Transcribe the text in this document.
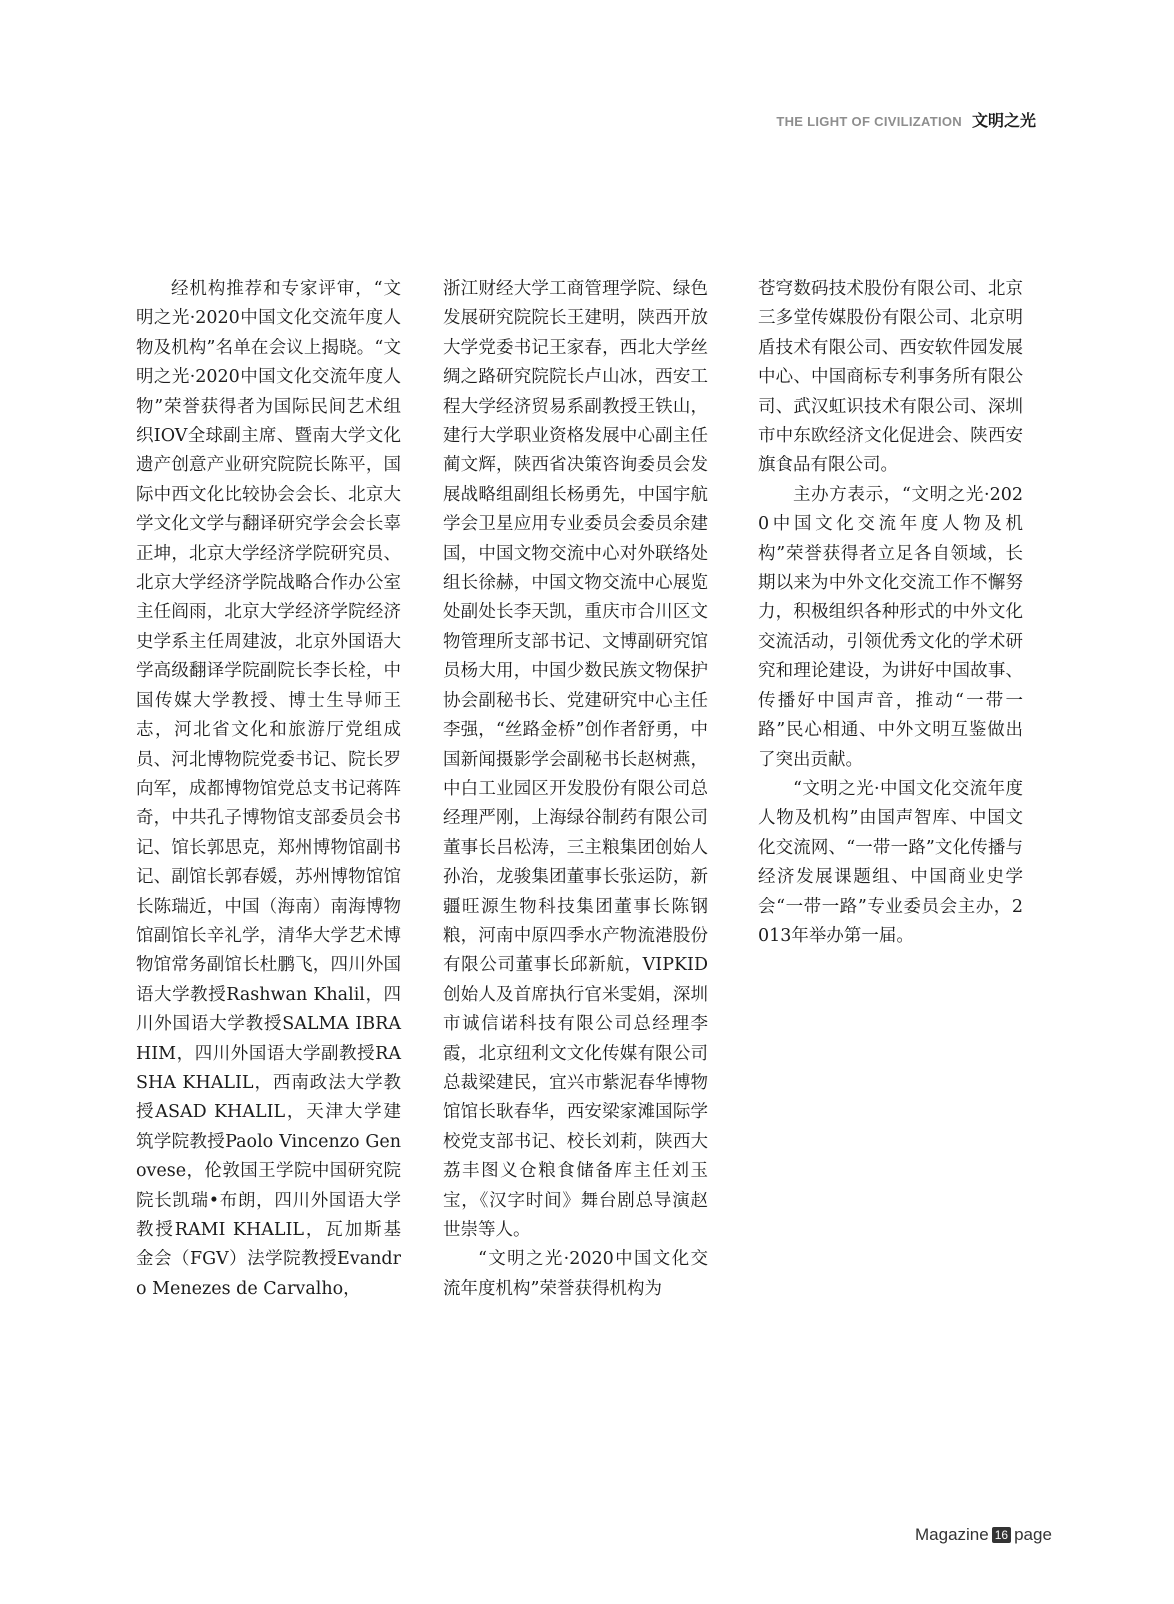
THE LIGHT OF CIVILIZATION 文明之光

经机构推荐和专家评审，“文明之光·2020中国文化交流年度人物及机构”名单在会议上揭晓。“文明之光·2020中国文化交流年度人物”荣誉获得者为国际民间艺术组织IOV全球副主席、暨南大学文化遗产创意产业研究院院长陈平，国际中西文化比较协会会长、北京大学文化文学与翻译研究学会会长辜正坤，北京大学经济学院研究员、北京大学经济学院战略合作办公室主任阎雨，北京大学经济学院经济史学系主任周建波，北京外国语大学高级翻译学院副院长李长栓，中国传媒大学教授、博士生导师王志，河北省文化和旅游厅党组成员、河北博物院党委书记、院长罗向军，成都博物馆党总支书记蒋阵奇，中共孔子博物馆支部委员会书记、馆长郭思克，郑州博物馆副书记、副馆长郭春媛，苏州博物馆馆长陈瑞近，中国（海南）南海博物馆副馆长辛礼学，清华大学艺术博物馆常务副馆长杜鹏飞，四川外国语大学教授Rashwan Khalil，四川外国语大学教授SALMA IBRAHIM，四川外国语大学副教授RASHA KHALIL，西南政法大学教授ASAD KHALIL，天津大学建筑学院教授Paolo Vincenzo Genovese，伦敦国王学院中国研究院院长凯瑞•布朗，四川外国语大学教授RAMI KHALIL，瓦加斯基金会（FGV）法学院教授Evandro Menezes de Carvalho，

浙江财经大学工商管理学院、绿色发展研究院院长王建明，陕西开放大学党委书记王家春，西北大学丝绸之路研究院院长卢山冰，西安工程大学经济贸易系副教授王铁山，建行大学职业资格发展中心副主任蔺文辉，陕西省决策咨询委员会发展战略组副组长杨勇先，中国宇航学会卫星应用专业委员会委员余建国，中国文物交流中心对外联络处组长徐赫，中国文物交流中心展览处副处长李天凯，重庆市合川区文物管理所支部书记、文博副研究馆员杨大用，中国少数民族文物保护协会副秘书长、党建研究中心主任李强，“丝路金桥”创作者舒勇，中国新闻摄影学会副秘书长赵树燕，中白工业园区开发股份有限公司总经理严刚，上海绿谷制药有限公司董事长吕松涛，三主粮集团创始人孙治，龙骏集团董事长张运防，新疆旺源生物科技集团董事长陈钢粮，河南中原四季水产物流港股份有限公司董事长邱新航，VIPKID创始人及首席执行官米雯娟，深圳市诚信诺科技有限公司总经理李霞，北京纽利文文化传媒有限公司总裁梁建民，宜兴市紫泥春华博物馆馆长耿春华，西安梁家滩国际学校党支部书记、校长刘莉，陕西大荔丰图义仓粮食储备库主任刘玉宝，《汉字时间》舞台剧总导演赵世崇等人。

“文明之光·2020中国文化交流年度机构”荣誉获得机构为

苍穹数码技术股份有限公司、北京三多堂传媒股份有限公司、北京明盾技术有限公司、西安软件园发展中心、中国商标专利事务所有限公司、武汉虹识技术有限公司、深圳市中东欧经济文化促进会、陕西安旗食品有限公司。

主办方表示，“文明之光·2020中国文化交流年度人物及机构”荣誉获得者立足各自领域，长期以来为中外文化交流工作不懈努力，积极组织各种形式的中外文化交流活动，引领优秀文化的学术研究和理论建设，为讲好中国故事、传播好中国声音，推动“一带一路”民心相通、中外文明互鉴做出了突出贡献。

“文明之光·中国文化交流年度人物及机构”由国声智库、中国文化交流网、“一带一路”文化传播与经济发展课题组、中国商业史学会“一带一路”专业委员会主办，2013年举办第一届。

Magazine 16 page
